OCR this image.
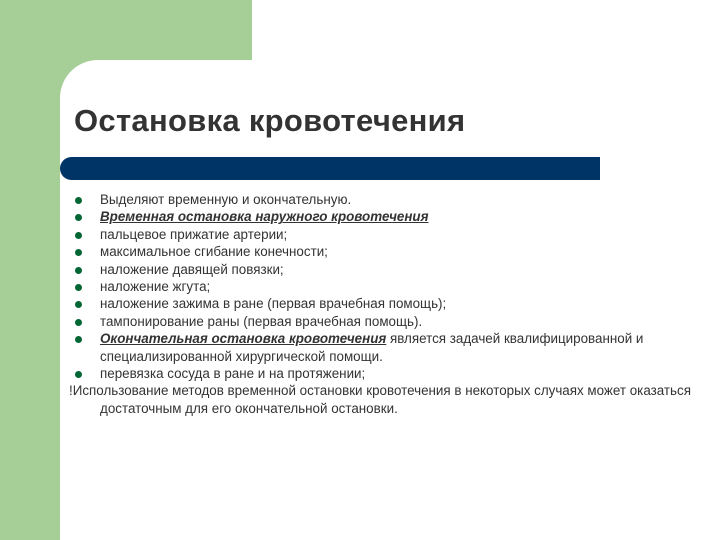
Остановка кровотечения
Выделяют временную и окончательную.
Временная остановка наружного кровотечения
пальцевое прижатие артерии;
максимальное сгибание конечности;
наложение давящей повязки;
наложение жгута;
наложение зажима в ране (первая врачебная помощь);
тампонирование раны (первая врачебная помощь).
Окончательная остановка кровотечения является задачей квалифицированной и специализированной хирургической помощи.
перевязка сосуда в ране и на протяжении;
!Использование методов временной остановки кровотечения в некоторых случаях может оказаться достаточным для его окончательной остановки.
